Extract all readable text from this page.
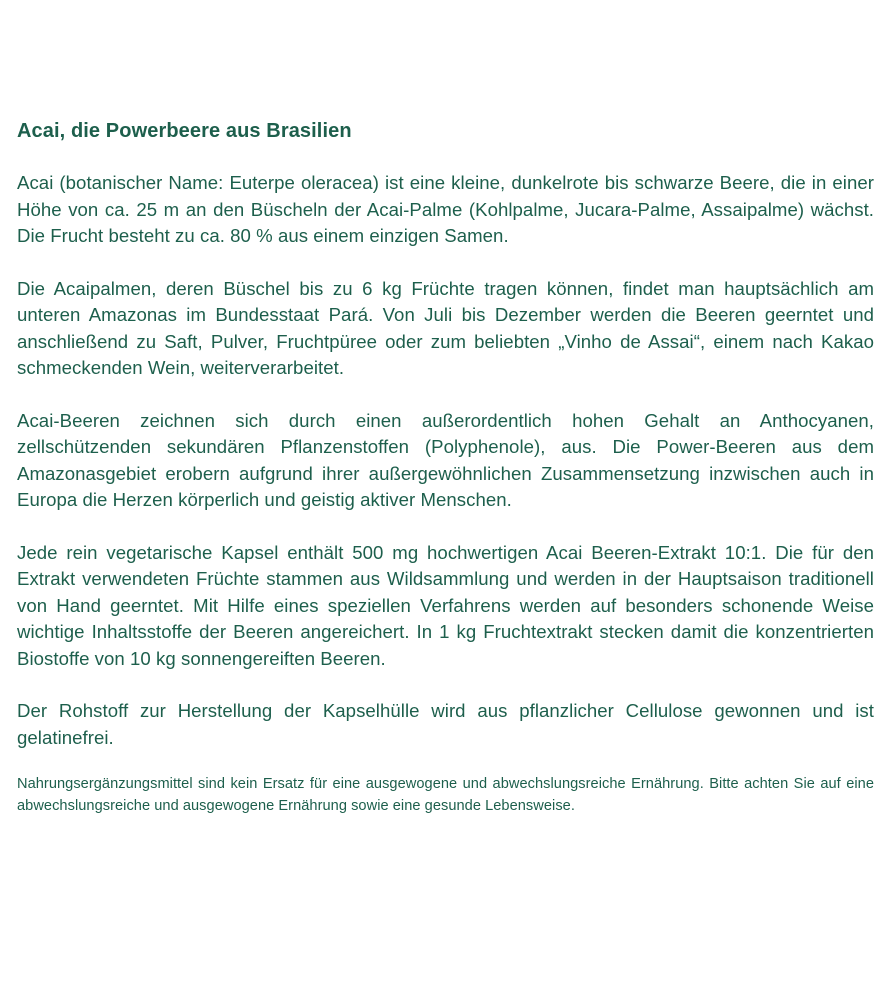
Acai, die Powerbeere aus Brasilien

Acai (botanischer Name: Euterpe oleracea) ist eine kleine, dunkelrote bis schwarze Beere, die in einer Höhe von ca. 25 m an den Büscheln der Acai-Palme (Kohlpalme, Jucara-Palme, Assaipalme) wächst. Die Frucht besteht zu ca. 80 % aus einem einzigen Samen.

Die Acaipalmen, deren Büschel bis zu 6 kg Früchte tragen können, findet man hauptsächlich am unteren Amazonas im Bundesstaat Pará. Von Juli bis Dezember werden die Beeren geerntet und anschließend zu Saft, Pulver, Fruchtpüree oder zum beliebten „Vinho de Assai“, einem nach Kakao schmeckenden Wein, weiterverarbeitet.

Acai-Beeren zeichnen sich durch einen außerordentlich hohen Gehalt an Anthocyanen, zellschützenden sekundären Pflanzenstoffen (Polyphenole), aus. Die Power-Beeren aus dem Amazonasgebiet erobern aufgrund ihrer außergewöhnlichen Zusammensetzung inzwischen auch in Europa die Herzen körperlich und geistig aktiver Menschen.

Jede rein vegetarische Kapsel enthält 500 mg hochwertigen Acai Beeren-Extrakt 10:1. Die für den Extrakt verwendeten Früchte stammen aus Wildsammlung und werden in der Hauptsaison traditionell von Hand geerntet. Mit Hilfe eines speziellen Verfahrens werden auf besonders schonende Weise wichtige Inhaltsstoffe der Beeren angereichert. In 1 kg Fruchtextrakt stecken damit die konzentrierten Biostoffe von 10 kg sonnengereiften Beeren.

Der Rohstoff zur Herstellung der Kapselhülle wird aus pflanzlicher Cellulose gewonnen und ist gelatinefrei.

Nahrungsergänzungsmittel sind kein Ersatz für eine ausgewogene und abwechslungsreiche Ernährung. Bitte achten Sie auf eine abwechslungsreiche und ausgewogene Ernährung sowie eine gesunde Lebensweise.
